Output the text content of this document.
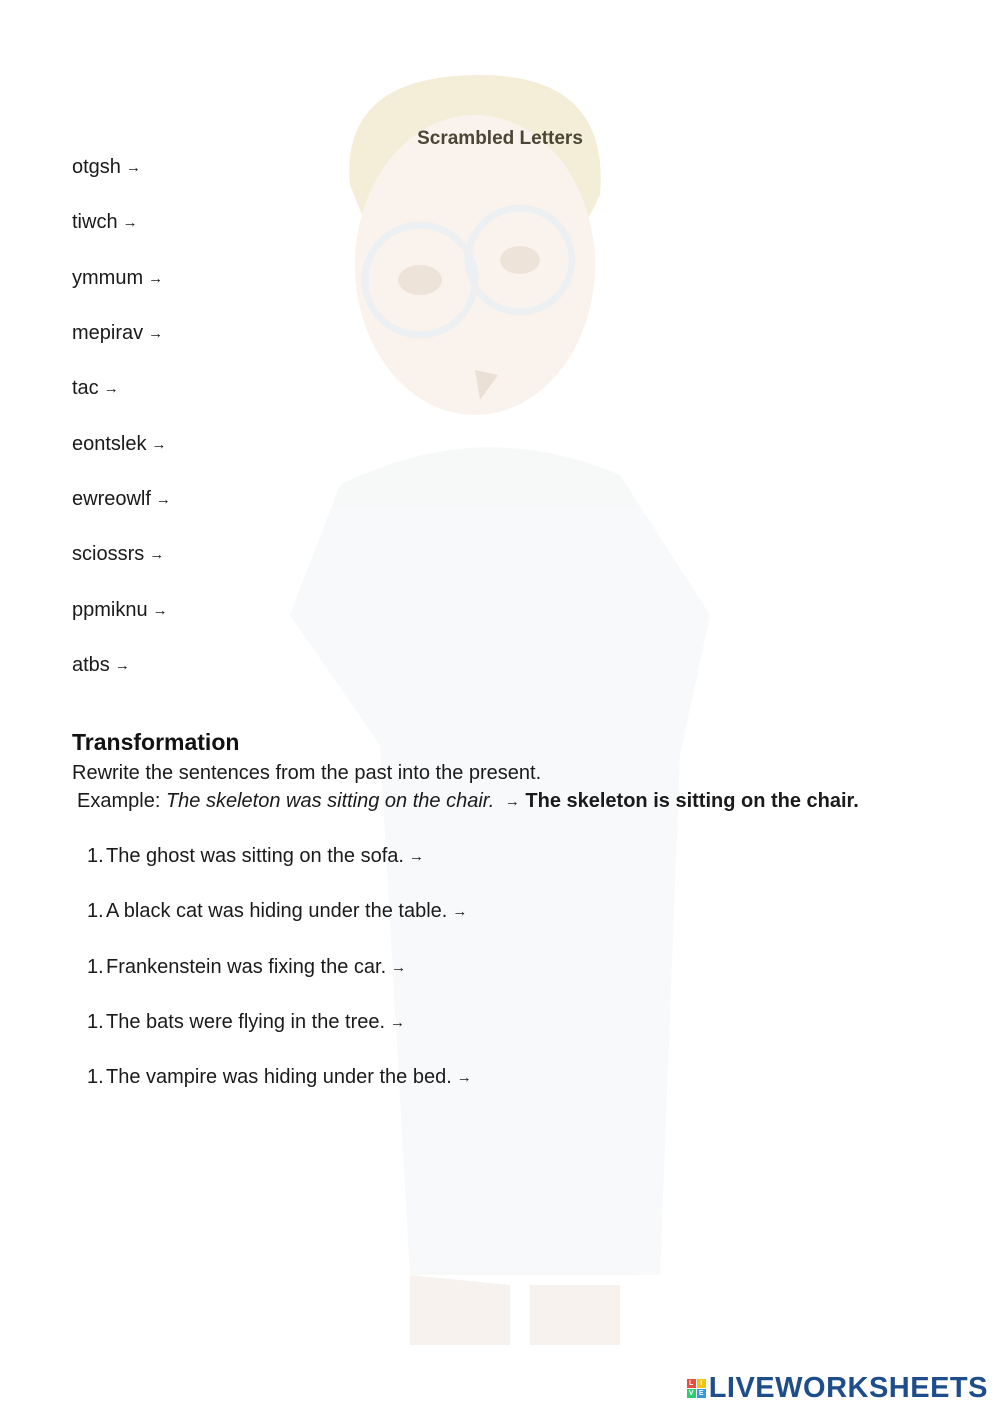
Scrambled Letters
otgsh →
tiwch →
ymmum →
mepirav →
tac →
eontslek →
ewreowlf →
sciossrs →
ppmiknu →
atbs →
Transformation
Rewrite the sentences from the past into the present.
Example: The skeleton was sitting on the chair. → The skeleton is sitting on the chair.
1. The ghost was sitting on the sofa. →
1. A black cat was hiding under the table. →
1. Frankenstein was fixing the car. →
1. The bats were flying in the tree. →
1. The vampire was hiding under the bed. →
L I
V E LIVEWORKSHEETS
